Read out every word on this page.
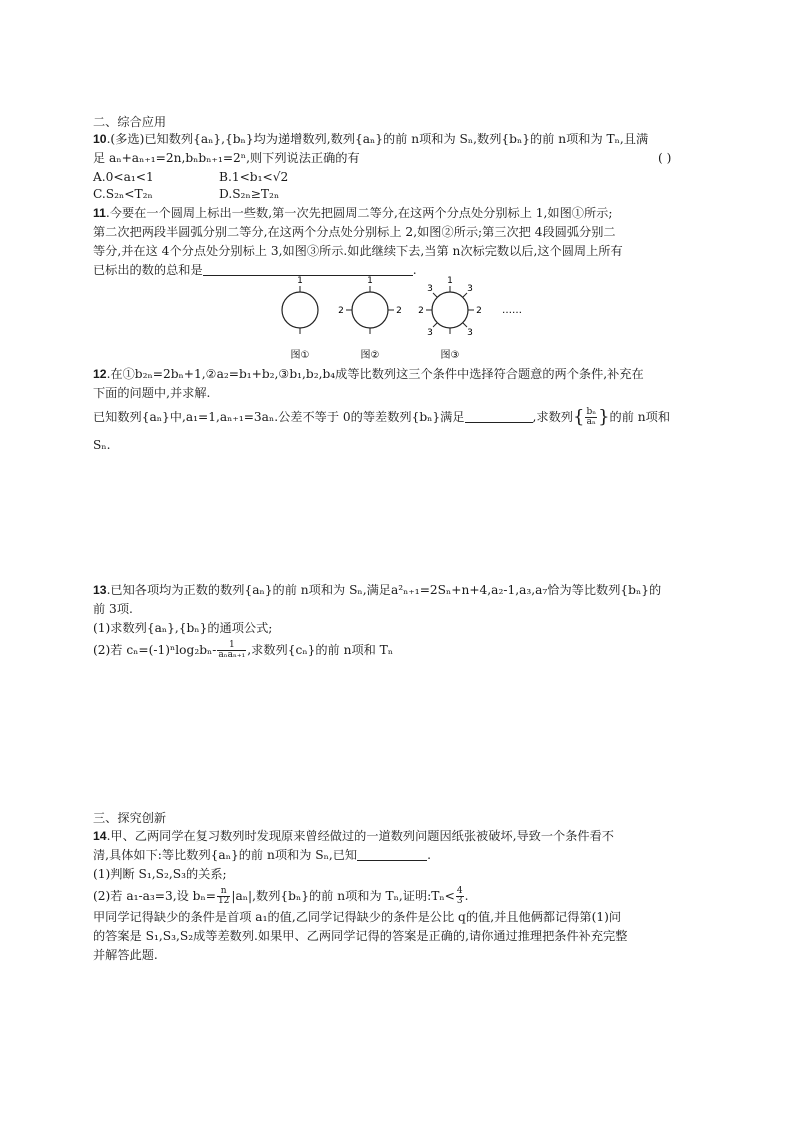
二、综合应用
10.(多选)已知数列{aₙ},{bₙ}均为递增数列,数列{aₙ}的前 n项和为 Sₙ,数列{bₙ}的前 n项和为 Tₙ,且满
足 aₙ+aₙ₊₁=2n,bₙbₙ₊₁=2ⁿ,则下列说法正确的有	( )
A.0<a₁<1	B.1<b₁<√2
C.S₂ₙ<T₂ₙ	D.S₂ₙ≥T₂ₙ
11.今要在一个圆周上标出一些数,第一次先把圆周二等分,在这两个分点处分别标上 1,如图①所示;
第二次把两段半圆弧分别二等分,在这两个分点处分别标上 2,如图②所示;第三次把 4段圆弧分别二
等分,并在这 4个分点处分别标上 3,如图③所示.如此继续下去,当第 n次标完数以后,这个圆周上所有
已标出的数的总和是	.
1
图①
1
2	2
图②
1
2	2
3	3
3	3
图③
……
12.在①b₂ₙ=2bₙ+1,②a₂=b₁+b₂,③b₁,b₂,b₄成等比数列这三个条件中选择符合题意的两个条件,补充在
下面的问题中,并求解.
已知数列{aₙ}中,a₁=1,aₙ₊₁=3aₙ.公差不等于 0的等差数列{bₙ}满足	,求数列{ $\frac{\text{bₙ}}{\text{aₙ}}$ }的前 n项和
Sₙ.
13.已知各项均为正数的数列{aₙ}的前 n项和为 Sₙ,满足a²ₙ₊₁=2Sₙ+n+4,a₂-1,a₃,a₇恰为等比数列{bₙ}的
前 3项.
(1)求数列{aₙ},{bₙ}的通项公式;
(2)若 $c_n=(-1)^n\log_2b_n- \frac{1}{\text{aₙaₙ₊₁}}$ ,求数列{cₙ}的前 n项和 Tₙ
三、探究创新
14.甲、乙两同学在复习数列时发现原来曾经做过的一道数列问题因纸张被破坏,导致一个条件看不
清,具体如下:等比数列{aₙ}的前 n项和为 Sₙ,已知	.
(1)判断 S₁,S₂,S₃的关系;
(2)若 a₁-a₃=3,设 $b_n= \frac{n}{12} |a_n|$,数列{bₙ}的前 n项和为 Tₙ,证明:Tₙ< $\frac{4}{3}$ .
甲同学记得缺少的条件是首项 a₁的值,乙同学记得缺少的条件是公比 q的值,并且他俩都记得第(1)问
的答案是 S₁,S₃,S₂成等差数列.如果甲、乙两同学记得的答案是正确的,请你通过推理把条件补充完整
并解答此题.
